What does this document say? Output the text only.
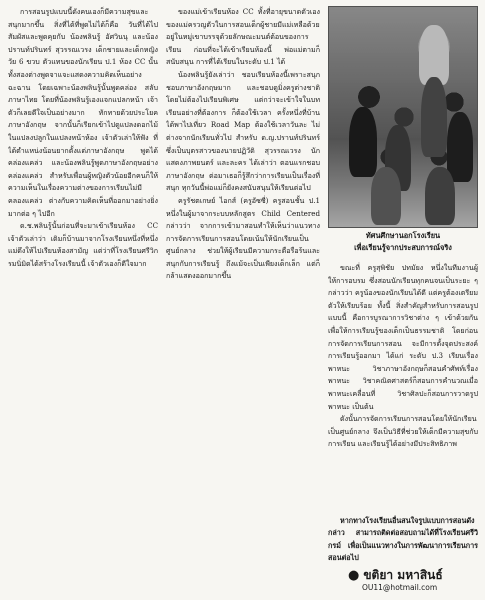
การสอนรูปแบบนี้ดังคนเองก็มีความสุขและสนุกมากขึ้น สิ่งที่ได้ที่พูดไม่ได้ก็คือ วันที่ได้ไปสัมผัสและพูดคุยกับ น้องพลินรู้ อัศวินนุ และน้องปรานท์ปรินทร์ สุวรรณเวรง เด็กชายและเด็กหญิงวัย 6 ขวบ ตัวแทนของนักเรียน ป.1 ห้อง CC นั้น ทั้งสองต่างพูดจาแจะแสดงความคิดเห็นอย่างฉะฉาน โดยเฉพาะน้องพลินรู้นั้นพูดคล่อง สลับภาษาไทย โดยที่น้องพลินรู้เองแจกแปลกหน้า เจ้าตัวก็เลยดีใจเป็นอย่างมาก ทักทายด้วยประโยคภาษาอังกฤษ จากนั้นก็เรียกเข้าไปดูแปลงดอกไม้ในแปลงปลูกในแปลงหน้าห้อง เจ้าตัวเล่าให้ฟัง ที่ได้ตำแหน่งน้อนยากตั้งแต่ภาษาอังกฤษ พูดได้คล่องแคล่ว และน้องพลินรู้พูดภาษาอังกฤษอย่างคล่องแคล่ว สำหรับเพื่อนผู้หญิงตัวน้อยอีกคนก็ให้ความเห็นในเรื่องความต่างของการเรียนไม่มีคลองแคล่ว ต่างกับความคิดเห็นที่ออกมาอย่างยิ่งมากต่อ ๆ ไปอีก

ด.ช.พลินรู้นั้นก่อนที่จะมาเข้าเรียนห้อง CC เจ้าตัวเล่าว่า เติมก็บ้านมาจากโรงเรียนหนึ่งที่หนึ่ง แม่ดึงให้ไปเรียนห้องสามัญ แต่ว่าที่โรงเรียนศรีวิกรมนิ่มิดได้สร้างโรงเรียนนี้ เจ้าตัวเองก็ดีใจมาก

ของแม่เข้าเรียนห้อง CC ทั้งที่อายุขนาดตัวเองของแม่ครวญตัวในการสอนเด็กผู้ชายมีแม่เหลือด้วยอยู่ในหมู่เขาบรรจุด้วยลักษณะมนต์ต้อนของการเรียน ก่อนที่จะได้เข้าเรียนห้องนี้ พ่อแม่ตามก็สนับสนุน การที่ได้เรียนในระดับ ป.1 ได้

น้องพลินรู้ยังเล่าว่า ชอบเรียนห้องนี้เพราะสนุก ชอบภาษาอังกฤษมาก และชอบดูมิ่งครูต่างชาติ โดยไม่ต้องไปเรียนพิเศษ แต่กว่าจะเข้าใจในบทเรียนอย่างที่ต้องการ ก็ต้องใช้เวลา ครั้งหนึ่งที่บ้านได้พาไปเที่ยว Road Map ต้องใช้เวลาวันละ ไม่ต่างจากนักเรียนทั่วไป สำหรับ ด.ญ.ปรานท์ปรินทร์ ซึ่งเป็นบุตรสาวของนายปฏิวัติ สุวรรณเวรง นักแสดงภาพยนตร์ และละคร ได้เล่าว่า ตอนแรกชอบภาษาอังกฤษ ต่อมาเธอก็รู้สึกว่าการเรียนเป็นเรื่องที่สนุก ทุกวันนี้พ่อแม่ก็ยังคงสนับสนุนให้เรียนต่อไป

ครูรัชตเกษย์ ไอกส์ (ครูอัซซี่) ครูสอนชั้น ป.1 หนึ่งในผู้มาจากระบบหลักสูตร Child Centered กล่าวว่า จากการเข้ามาสอนทำให้เห็นว่าแนวทางการจัดการเรียนการสอนโดยเน้นให้นักเรียนเป็นศูนย์กลาง ช่วยให้ผู้เรียนมีความกระตือรือร้นและสนุกกับการเรียนรู้ ถึงแม้จะเป็นเพียงเด็กเล็ก แต่ก็กล้าแสดงออกมากขึ้น

ทัศนศึกษานอกโรงเรียน
เพื่อเรียนรู้จากประสบการณ์จริง

ขณะที่ ครูสุพิชัย ปทมัยง หนึ่งในทีมงานผู้ให้การอบรม ซึ่งสอนนักเรียนทุกคนจนเป็นระยะ ๆ กล่าวว่า ครูน้องของนักเรียนได้ดี แต่ครูต้องเตรียมตัวให้เรียบร้อย ทั้งนี้ สิ่งสำคัญสำหรับการสอนรูปแบบนี้ คือการบูรณาการวิชาต่าง ๆ เข้าด้วยกัน เพื่อให้การเรียนรู้ของเด็กเป็นธรรมชาติ โดยก่อนการจัดการเรียนการสอน จะมีการตั้งจุดประสงค์การเรียนรู้ออกมา ได้แก่ ระดับ ป.3 เรียนเรื่องพาหนะ วิชาภาษาอังกฤษก็สอนคำศัพท์เรื่องพาหนะ วิชาคณิตศาสตร์ก็สอนการคำนวณเมื่อพาหนะเคลื่อนที่ วิชาศิลปะก็สอนการวาดรูปพาหนะ เป็นต้น

ดังนั้นการจัดการเรียนการสอนโดยให้นักเรียนเป็นศูนย์กลาง จึงเป็นวิธีที่ช่วยให้เด็กมีความสุขกับการเรียน และเรียนรู้ได้อย่างมีประสิทธิภาพ

หากทางโรงเรียนอื่นสนใจรูปแบบการสอนดังกล่าว สามารถติดต่อสอบถามได้ที่โรงเรียนศรีวิกรม์ เพื่อเป็นแนวทางในการพัฒนาการเรียนการสอนต่อไป
● ขติยา มหาสินธ์
OU11@hotmail.com
